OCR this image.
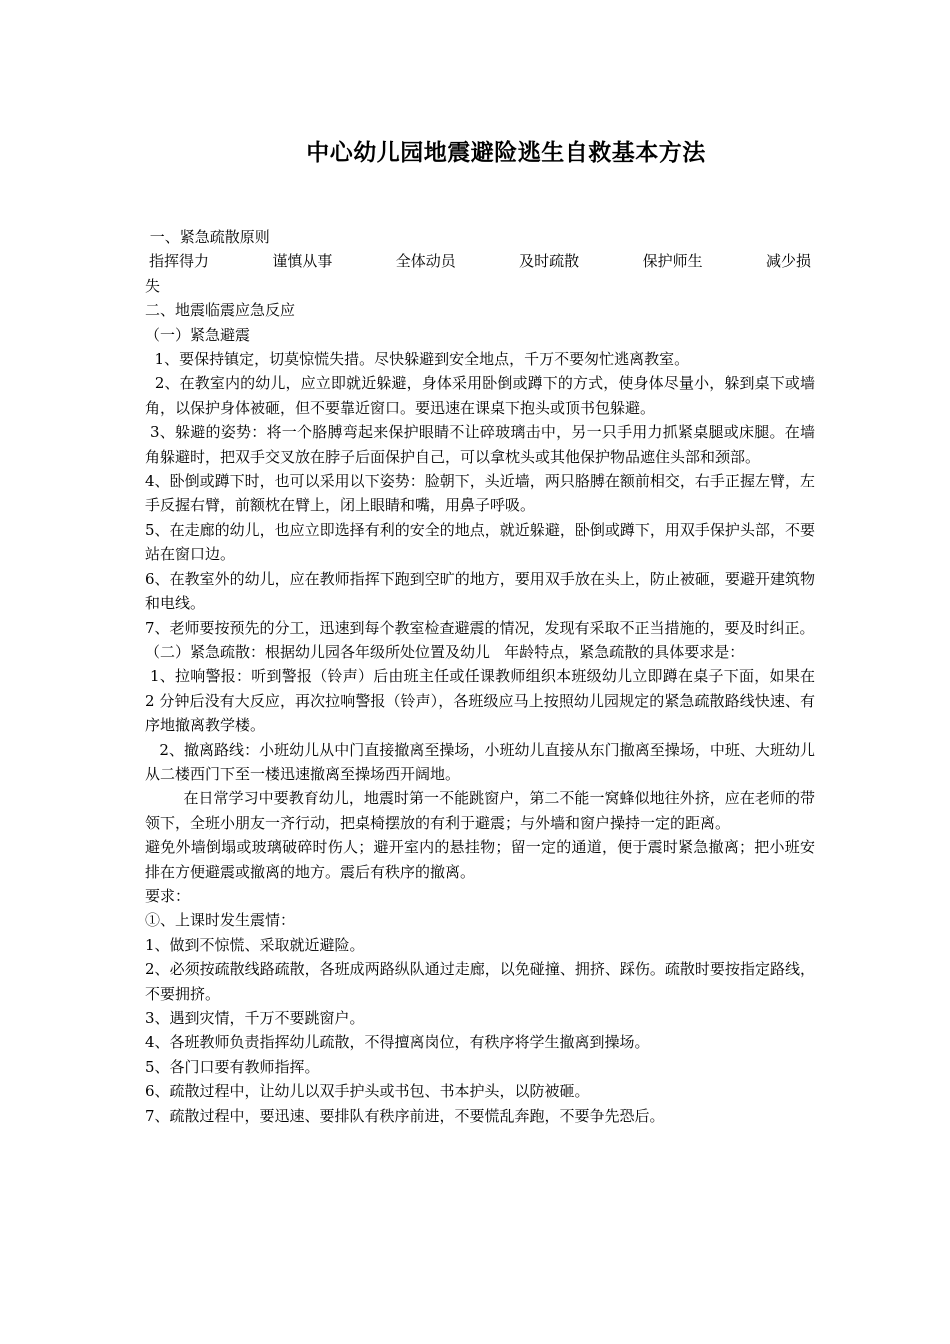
中心幼儿园地震避险逃生自救基本方法

一、紧急疏散原则

指挥得力	谨慎从事	全体动员	及时疏散	保护师生	减少损

失

二、地震临震应急反应

（一）紧急避震

1、要保持镇定，切莫惊慌失措。尽快躲避到安全地点，千万不要匆忙逃离教室。

2、在教室内的幼儿，应立即就近躲避，身体采用卧倒或蹲下的方式，使身体尽量小，躲到桌下或墙角，以保护身体被砸，但不要靠近窗口。要迅速在课桌下抱头或顶书包躲避。

3、躲避的姿势：将一个胳膊弯起来保护眼睛不让碎玻璃击中，另一只手用力抓紧桌腿或床腿。在墙角躲避时，把双手交叉放在脖子后面保护自己，可以拿枕头或其他保护物品遮住头部和颈部。

4、卧倒或蹲下时，也可以采用以下姿势：脸朝下，头近墙，两只胳膊在额前相交，右手正握左臂，左手反握右臂，前额枕在臂上，闭上眼睛和嘴，用鼻子呼吸。

5、在走廊的幼儿，也应立即选择有利的安全的地点，就近躲避，卧倒或蹲下，用双手保护头部，不要站在窗口边。

6、在教室外的幼儿，应在教师指挥下跑到空旷的地方，要用双手放在头上，防止被砸，要避开建筑物和电线。

7、老师要按预先的分工，迅速到每个教室检查避震的情况，发现有采取不正当措施的，要及时纠正。

（二）紧急疏散：根据幼儿园各年级所处位置及幼儿   年龄特点，紧急疏散的具体要求是：

1、拉响警报：听到警报（铃声）后由班主任或任课教师组织本班级幼儿立即蹲在桌子下面，如果在 2 分钟后没有大反应，再次拉响警报（铃声），各班级应马上按照幼儿园规定的紧急疏散路线快速、有序地撤离教学楼。

2、撤离路线：小班幼儿从中门直接撤离至操场，小班幼儿直接从东门撤离至操场，中班、大班幼儿从二楼西门下至一楼迅速撤离至操场西开阔地。

在日常学习中要教育幼儿，地震时第一不能跳窗户，第二不能一窝蜂似地往外挤，应在老师的带领下，全班小朋友一齐行动，把桌椅摆放的有利于避震；与外墙和窗户操持一定的距离。

避免外墙倒塌或玻璃破碎时伤人；避开室内的悬挂物；留一定的通道，便于震时紧急撤离；把小班安排在方便避震或撤离的地方。震后有秩序的撤离。

要求：

①、上课时发生震情：

1、做到不惊慌、采取就近避险。

2、必须按疏散线路疏散，各班成两路纵队通过走廊，以免碰撞、拥挤、踩伤。疏散时要按指定路线，不要拥挤。

3、遇到灾情，千万不要跳窗户。

4、各班教师负责指挥幼儿疏散，不得擅离岗位，有秩序将学生撤离到操场。

5、各门口要有教师指挥。

6、疏散过程中，让幼儿以双手护头或书包、书本护头，以防被砸。

7、疏散过程中，要迅速、要排队有秩序前进，不要慌乱奔跑，不要争先恐后。
